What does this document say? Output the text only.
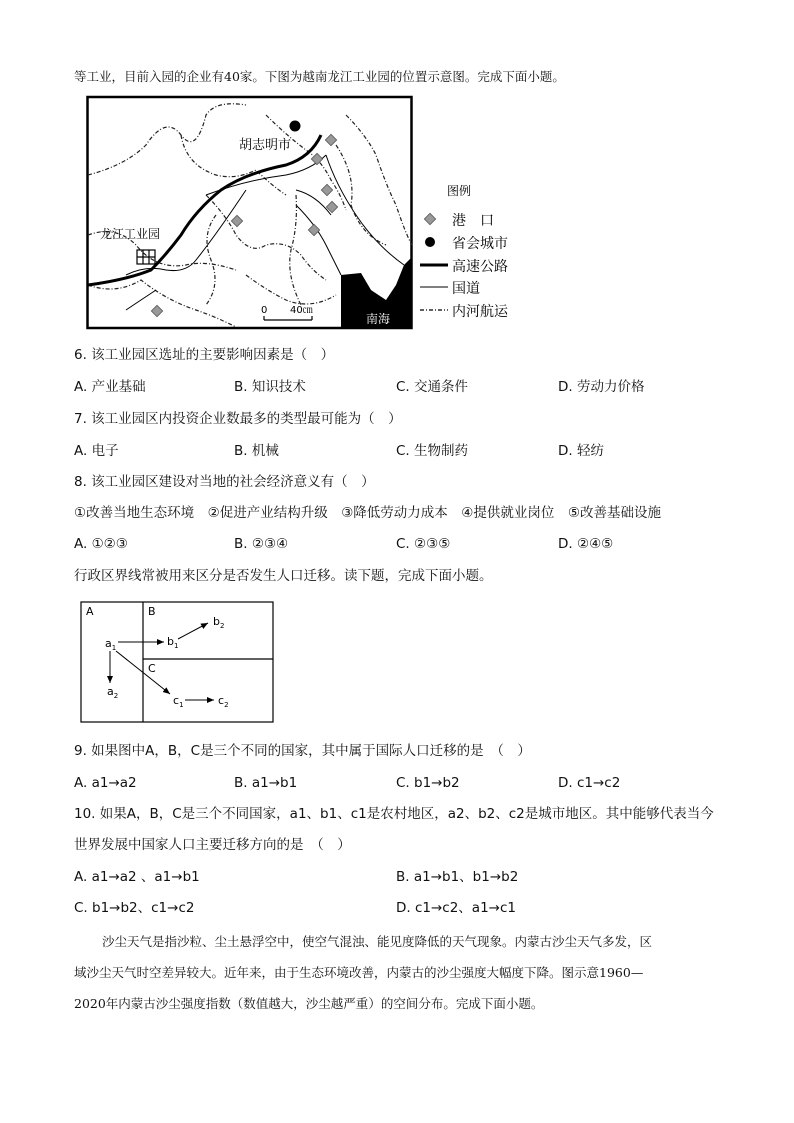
等工业，目前入园的企业有40家。下图为越南龙江工业园的位置示意图。完成下面小题。
胡志明市
龙江工业园
南海
0 40㎝
图例
港　口
省会城市
高速公路
国道
内河航运
6. 该工业园区选址的主要影响因素是（　）
A. 产业基础	B. 知识技术	C. 交通条件	D. 劳动力价格
7. 该工业园区内投资企业数最多的类型最可能为（　）
A. 电子	B. 机械	C. 生物制药	D. 轻纺
8. 该工业园区建设对当地的社会经济意义有（　）
①改善当地生态环境　②促进产业结构升级　③降低劳动力成本　④提供就业岗位　⑤改善基础设施
A. ①②③	B. ②③④	C. ②③⑤	D. ②④⑤
行政区界线常被用来区分是否发生人口迁移。读下题，完成下面小题。
A	B
C
$a_1$
$a_2$
$b_1$
$b_2$
$c_1$	$c_2$
9. 如果图中A，B，C是三个不同的国家，其中属于国际人口迁移的是　（　）
A. a1→a2	B. a1→b1	C. b1→b2	D. c1→c2
10. 如果A，B，C是三个不同国家，a1、b1、c1是农村地区，a2、b2、c2是城市地区。其中能够代表当今
世界发展中国家人口主要迁移方向的是　（　）
A. a1→a2 、a1→b1	B. a1→b1、b1→b2
C. b1→b2、c1→c2	D. c1→c2、a1→c1
沙尘天气是指沙粒、尘土悬浮空中，使空气混浊、能见度降低的天气现象。内蒙古沙尘天气多发，区
域沙尘天气时空差异较大。近年来，由于生态环境改善，内蒙古的沙尘强度大幅度下降。图示意1960—
2020年内蒙古沙尘强度指数（数值越大，沙尘越严重）的空间分布。完成下面小题。
